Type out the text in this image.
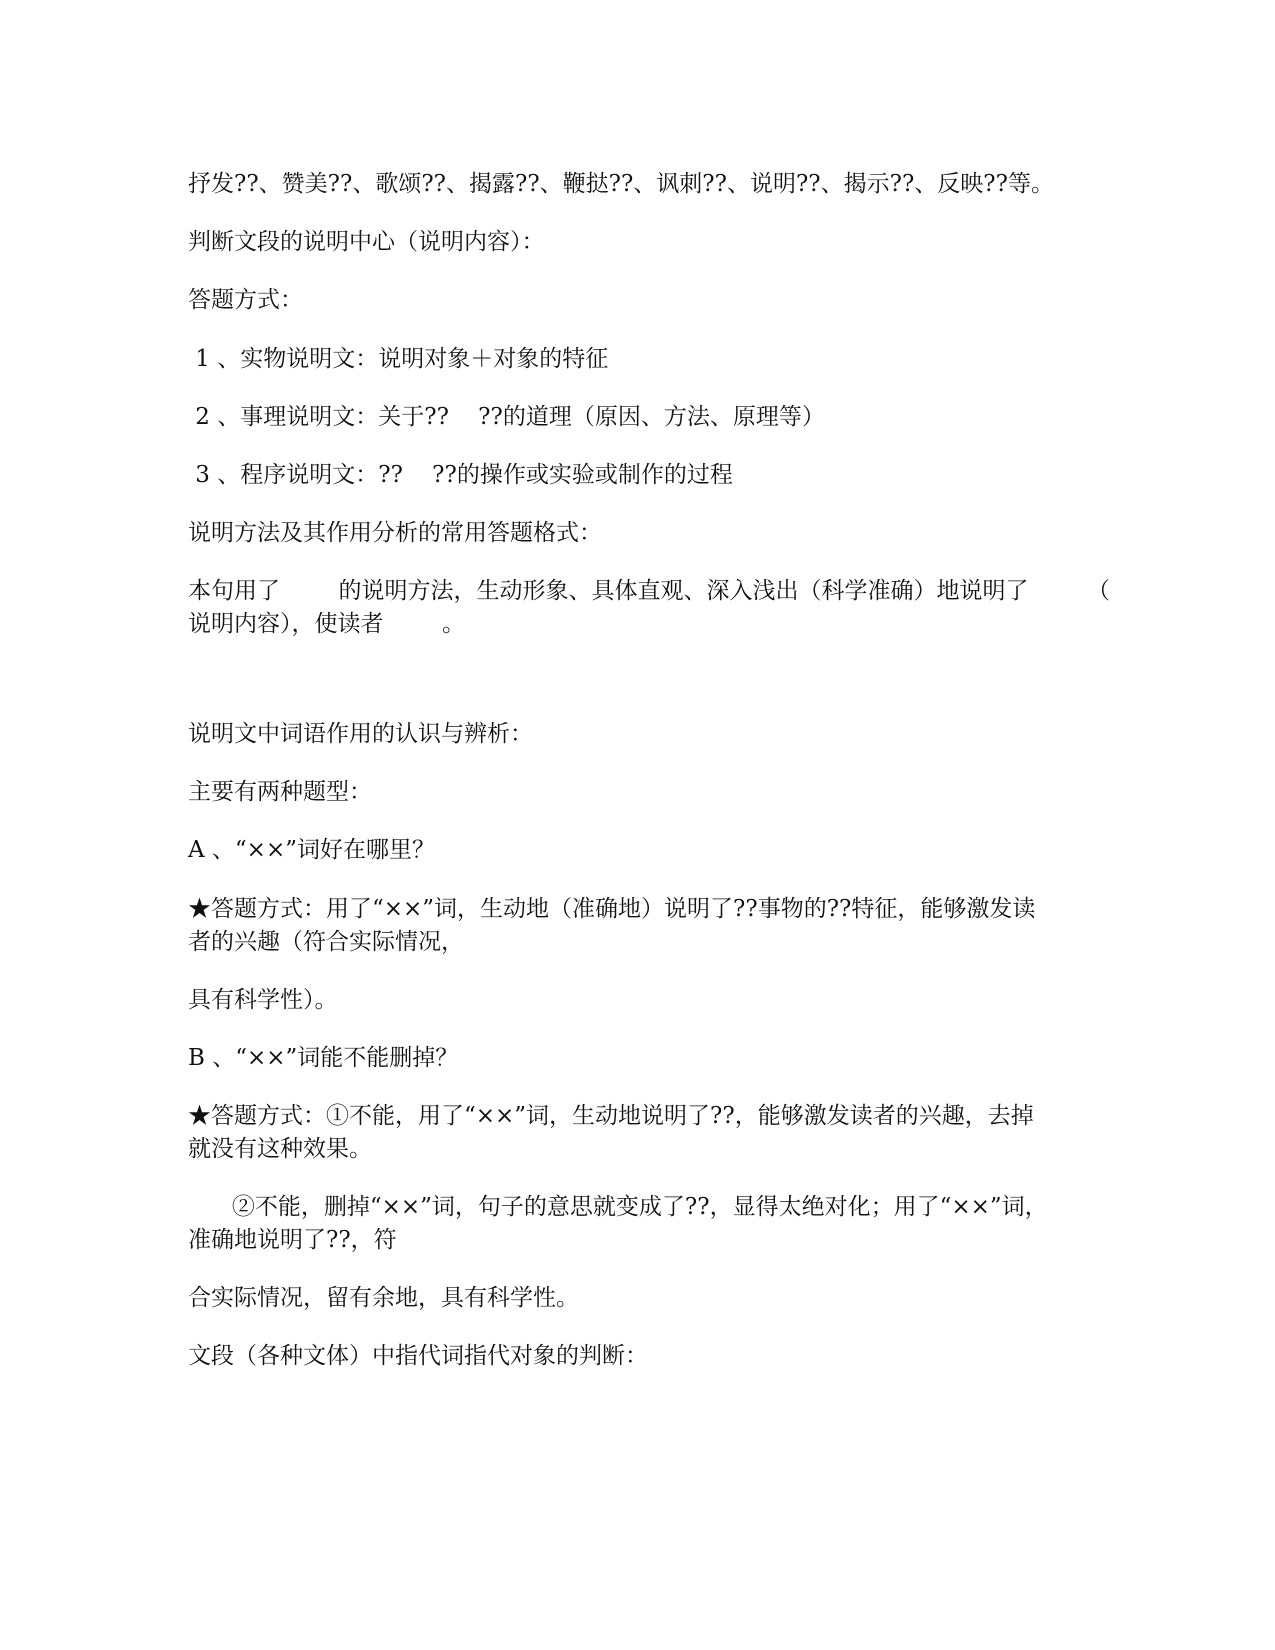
抒发??、赞美??、歌颂??、揭露??、鞭挞??、讽刺??、说明??、揭示??、反映??等。
判断文段的说明中心（说明内容）：
答题方式：
1 、实物说明文：说明对象＋对象的特征
2 、事理说明文：关于??    ??的道理（原因、方法、原理等）
3 、程序说明文：??    ??的操作或实验或制作的过程
说明方法及其作用分析的常用答题格式：
本句用了        的说明方法，生动形象、具体直观、深入浅出（科学准确）地说明了        （
说明内容），使读者        。
说明文中词语作用的认识与辨析：
主要有两种题型：
A 、“××”词好在哪里？
★答题方式：用了“××”词，生动地（准确地）说明了??事物的??特征，能够激发读
者的兴趣（符合实际情况，
具有科学性）。
B 、“××”词能不能删掉？
★答题方式：①不能，用了“××”词，生动地说明了??，能够激发读者的兴趣，去掉
就没有这种效果。
②不能，删掉“××”词，句子的意思就变成了??，显得太绝对化；用了“××”词，
准确地说明了??，符
合实际情况，留有余地，具有科学性。
文段（各种文体）中指代词指代对象的判断：
